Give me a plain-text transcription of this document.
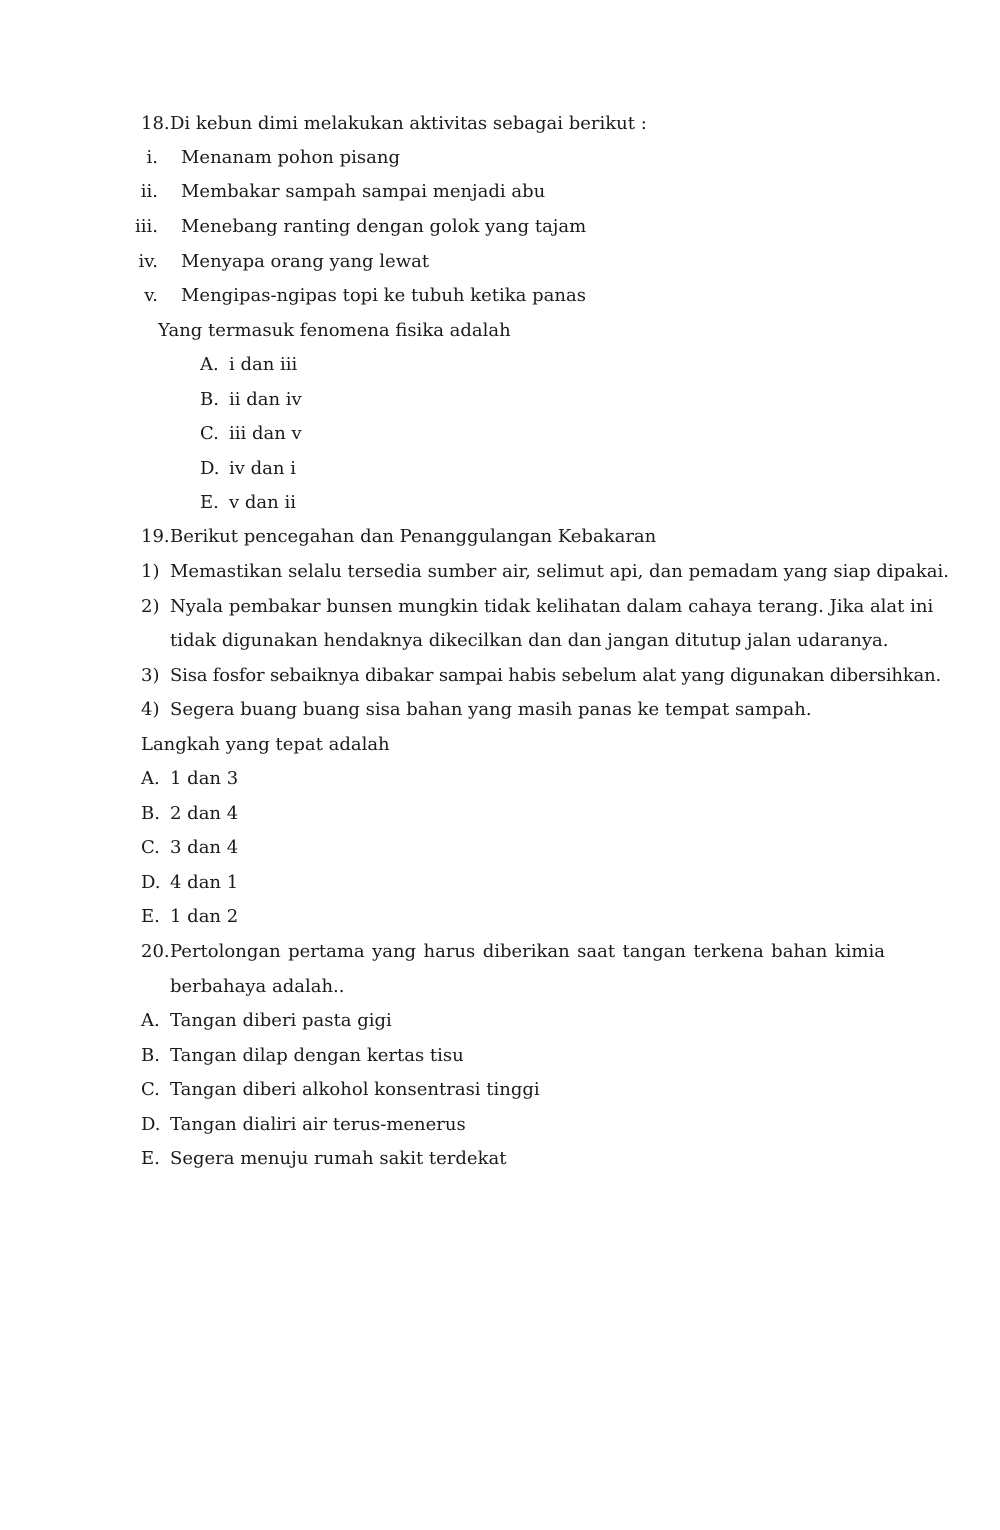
18. Di kebun dimi melakukan aktivitas sebagai berikut :
i. Menanam pohon pisang
ii. Membakar sampah sampai menjadi abu
iii. Menebang ranting dengan golok yang tajam
iv. Menyapa orang yang lewat
v. Mengipas-ngipas topi ke tubuh ketika panas
Yang termasuk fenomena fisika adalah
A. i dan iii
B. ii dan iv
C. iii dan v
D. iv dan i
E. v dan ii
19. Berikut pencegahan dan Penanggulangan Kebakaran
1) Memastikan selalu tersedia sumber air, selimut api, dan pemadam yang siap dipakai.
2) Nyala pembakar bunsen mungkin tidak kelihatan dalam cahaya terang. Jika alat ini
tidak digunakan hendaknya dikecilkan dan dan jangan ditutup jalan udaranya.
3) Sisa fosfor sebaiknya dibakar sampai habis sebelum alat yang digunakan dibersihkan.
4) Segera buang buang sisa bahan yang masih panas ke tempat sampah.
Langkah yang tepat adalah
A. 1 dan 3
B. 2 dan 4
C. 3 dan 4
D. 4 dan 1
E. 1 dan 2
20. Pertolongan pertama yang harus diberikan saat tangan terkena bahan kimia
berbahaya adalah..
A. Tangan diberi pasta gigi
B. Tangan dilap dengan kertas tisu
C. Tangan diberi alkohol konsentrasi tinggi
D. Tangan dialiri air terus-menerus
E. Segera menuju rumah sakit terdekat
